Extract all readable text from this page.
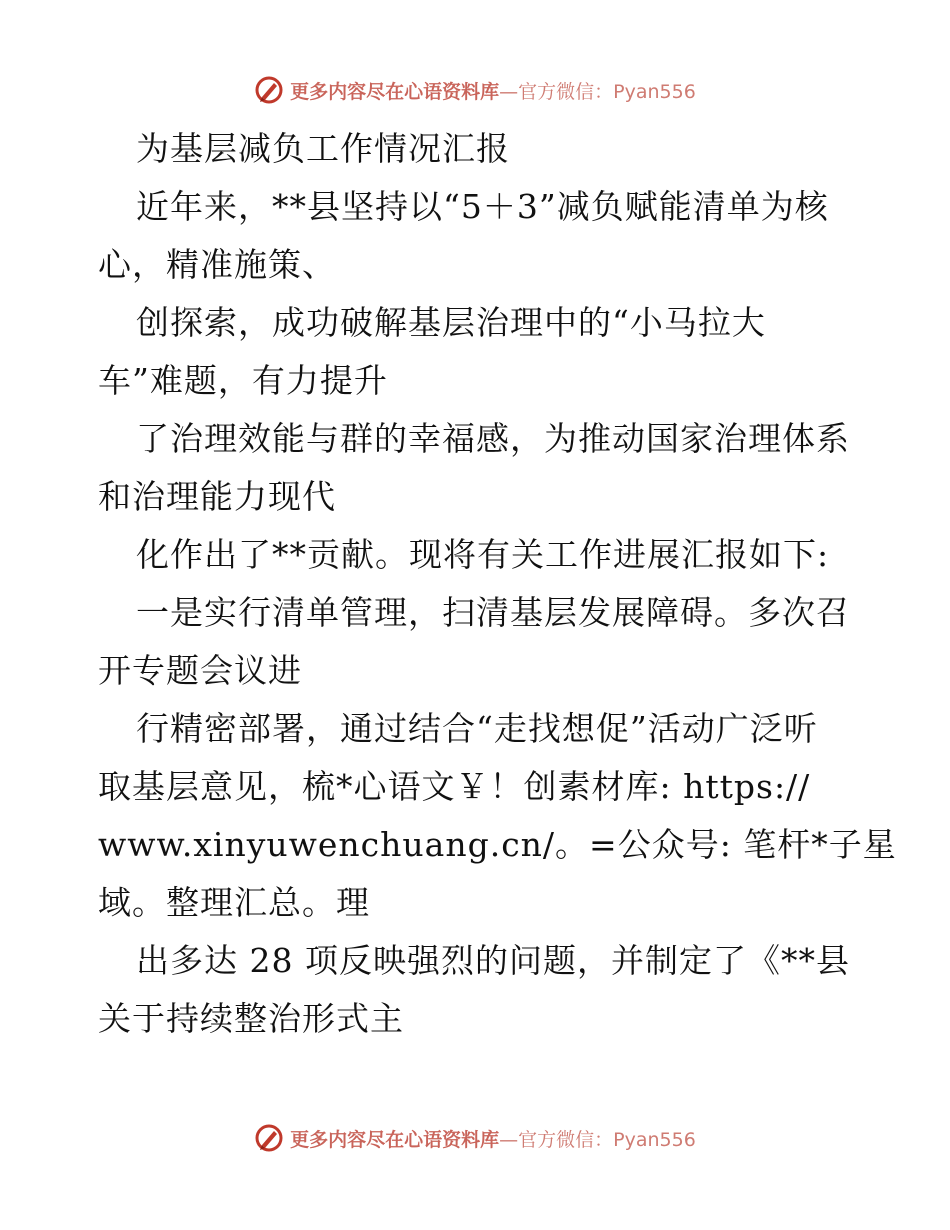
更多内容尽在心语资料库 —官方微信：Pyan556
为基层减负工作情况汇报
近年来，**县坚持以“5＋3”减负赋能清单为核
心，精准施策、
创探索，成功破解基层治理中的“小马拉大
车”难题，有力提升
了治理效能与群的幸福感，为推动国家治理体系
和治理能力现代
化作出了**贡献。现将有关工作进展汇报如下:
一是实行清单管理，扫清基层发展障碍。多次召
开专题会议进
行精密部署，通过结合“走找想促”活动广泛听
取基层意见，梳*心语文￥！创素材库: https://
www.xinyuwenchuang.cn/。=公众号: 笔杆*子星
域。整理汇总。理
出多达 28 项反映强烈的问题，并制定了《**县
关于持续整治形式主
更多内容尽在心语资料库 —官方微信：Pyan556
